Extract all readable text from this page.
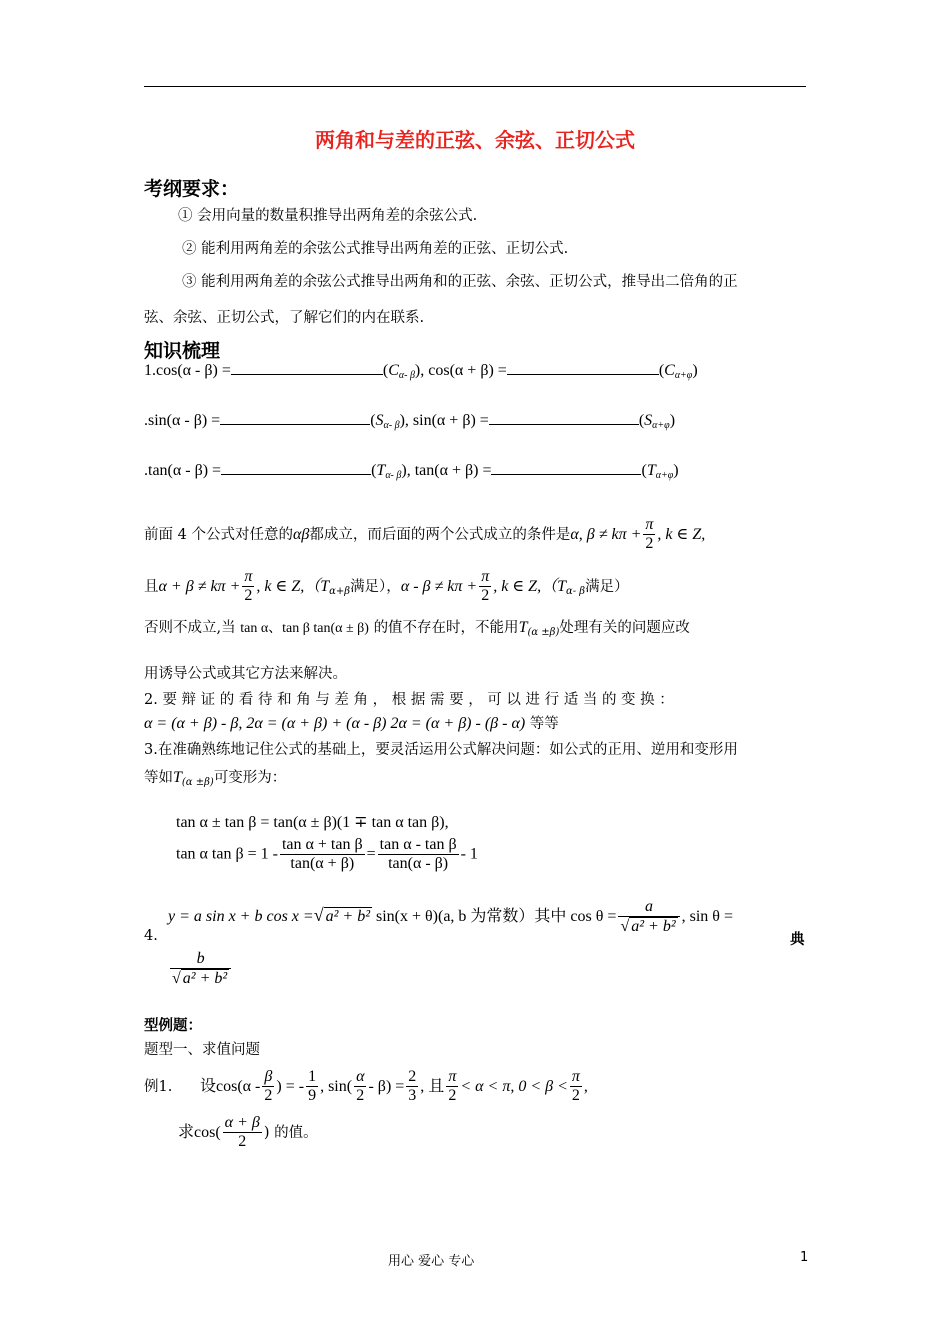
两角和与差的正弦、余弦、正切公式
考纲要求：
① 会用向量的数量积推导出两角差的余弦公式.
② 能利用两角差的余弦公式推导出两角差的正弦、正切公式.
③ 能利用两角差的余弦公式推导出两角和的正弦、余弦、正切公式，推导出二倍角的正
弦、余弦、正切公式，了解它们的内在联系.
知识梳理
1.cos(α - β) =	$(C_{\alpha- \beta})$, cos(α + β) =	$(C_{\alpha+\varphi})$
.sin(α - β) =	$(S_{\alpha- \beta})$, sin(α + β) =	$(S_{\alpha+\varphi})$
.tan(α - β) =	$(T_{\alpha- \beta})$, tan(α + β) =	$(T_{\alpha+\varphi})$
前面 4 个公式对任意的αβ都成立，而后面的两个公式成立的条件是α, $\beta \ne k\pi + \frac{\pi}{2}$ , k ∈ Z,
且$\alpha + \beta \ne k\pi + \frac{\pi}{2}$ , k ∈ $Z,(T_{\alpha+\beta}$满足），$\alpha - \beta \ne k\pi + \frac{\pi}{2}$ , k ∈ $Z,(T_{\alpha- \beta}$满足）
否则不成立,当 tan α、tan β tan(α ± β) 的值不存在时，不能用$T_{(\alpha \pm\beta)}$处理有关的问题应改
用诱导公式或其它方法来解决。
2. 要 辩 证 的 看 待 和 角 与 差 角 ， 根 据 需 要 ， 可 以 进 行 适 当 的 变 换 ：
α = (α + β) - β, 2α = (α + β) + (α - β) 2α = (α + β) - (β - α) 等等
3.在准确熟练地记住公式的基础上，要灵活运用公式解决问题：如公式的正用、逆用和变形用
等如$T_{(\alpha \pm\beta)}$可变形为：
tan α ± tan β = tan(α ± β)(1 ∓ tan α tan β),
tan α $\tan \beta = 1 - \frac{\text{tan α + tan β}}{\tan(\alpha + \beta)} = \frac{\text{tan α - tan β}}{\tan(\alpha - \beta)} - 1$
y = a sin x + b cos x =√ a² + b² sin(x + θ)(a, b 为常数）其中 $\cos \theta = \frac{a}{\text{√ a² + b²}}$ , sin θ =
4.	典
$\frac{b}{\text{√ a² + b²}}$
型例题：
题型一、求值问题
例1. 设$\cos(\alpha - \frac{\beta}{2}$ ) = - $\frac{1}{9}$ , $\sin( \frac{\alpha}{2} - \beta) = \frac{2}{3}$ , 且 $\frac{\pi}{2} < \alpha < \pi$, $0 < \beta < \frac{\pi}{2}$ ,
求$\cos( \frac{\alpha + \beta}{2}$ ) 的值。
用心 爱心 专心	1
